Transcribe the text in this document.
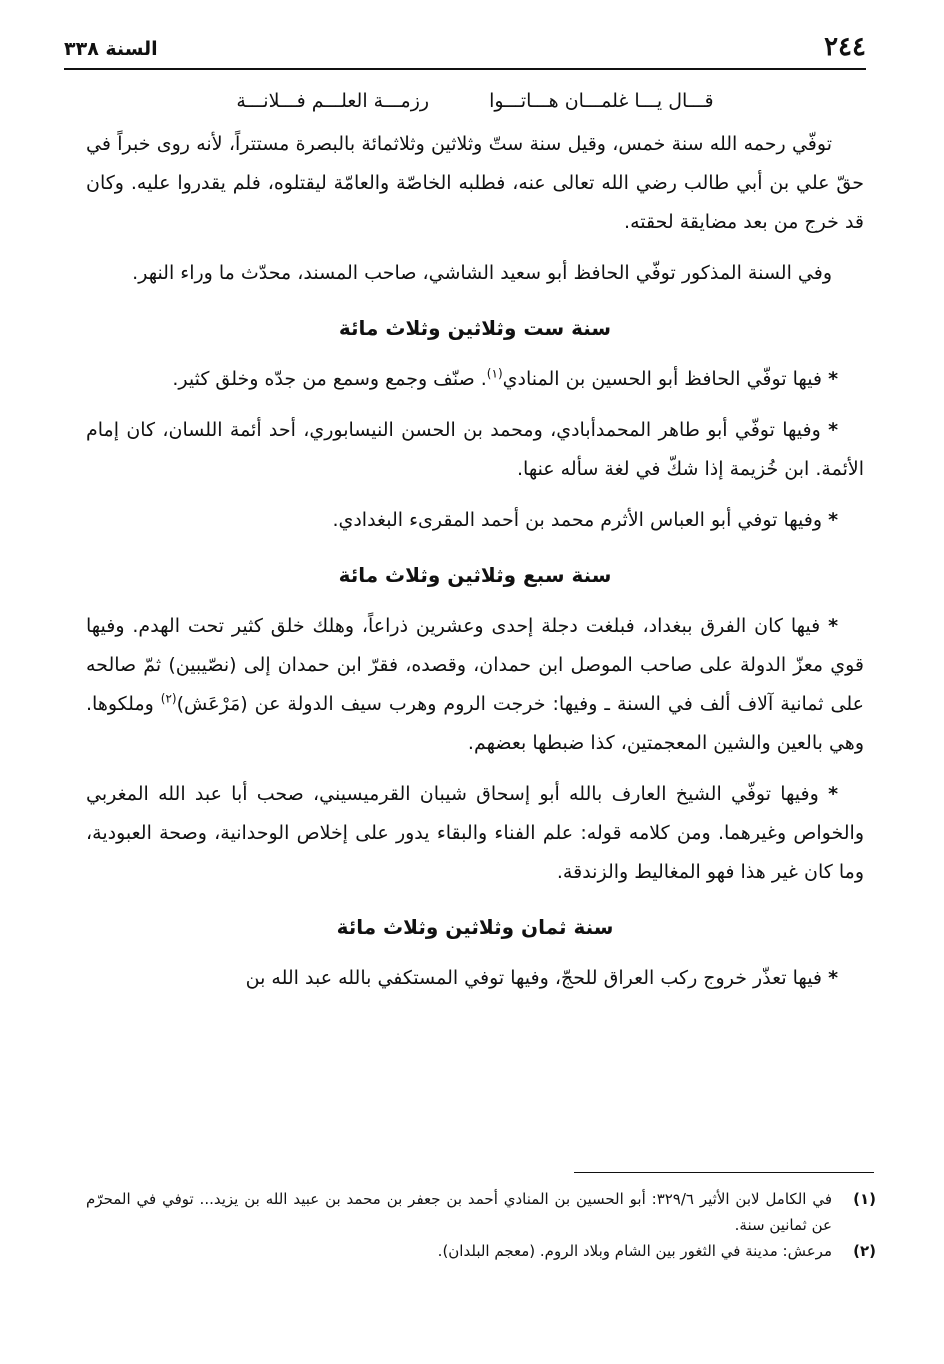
٢٤٤
السنة ٣٣٨
قـــال يـــا غلمـــان هـــاتـــوا
رزمـــة العلـــم فـــلانـــة

توفّي رحمه الله سنة خمس، وقيل سنة ستّ وثلاثين وثلاثمائة بالبصرة مستتراً، لأنه روى خبراً في حقّ علي بن أبي طالب رضي الله تعالى عنه، فطلبه الخاصّة والعامّة ليقتلوه، فلم يقدروا عليه. وكان قد خرج من بعد مضايقة لحقته.

وفي السنة المذكور توفّي الحافظ أبو سعيد الشاشي، صاحب المسند، محدّث ما وراء النهر.

سنة ست وثلاثين وثلاث مائة

* فيها توفّي الحافظ أبو الحسين بن المنادي$^{(١)}$. صنّف وجمع وسمع من جدّه وخلق كثير.

* وفيها توفّي أبو طاهر المحمدأبادي، ومحمد بن الحسن النيسابوري، أحد أئمة اللسان، كان إمام الأئمة. ابن خُزيمة إذا شكّ في لغة سأله عنها.

* وفيها توفي أبو العباس الأثرم محمد بن أحمد المقرىء البغدادي.

سنة سبع وثلاثين وثلاث مائة

* فيها كان الفرق ببغداد، فبلغت دجلة إحدى وعشرين ذراعاً، وهلك خلق كثير تحت الهدم. وفيها قوي معزّ الدولة على صاحب الموصل ابن حمدان، وقصده، فقرّ ابن حمدان إلى (نصّيبين) ثمّ صالحه على ثمانية آلاف ألف في السنة ـ وفيها: خرجت الروم وهرب سيف الدولة عن (مَرْعَش)$^{(٢)}$ وملكوها. وهي بالعين والشين المعجمتين، كذا ضبطها بعضهم.

* وفيها توفّي الشيخ العارف بالله أبو إسحاق شيبان القرميسيني، صحب أبا عبد الله المغربي والخواص وغيرهما. ومن كلامه قوله: علم الفناء والبقاء يدور على إخلاص الوحدانية، وصحة العبودية، وما كان غير هذا فهو المغاليط والزندقة.

سنة ثمان وثلاثين وثلاث مائة

* فيها تعذّر خروج ركب العراق للحجّ، وفيها توفي المستكفي بالله عبد الله بن

(١)
في الكامل لابن الأثير ٣٢٩/٦: أبو الحسين بن المنادي أحمد بن جعفر بن محمد بن عبيد الله بن يزيد... توفي في المحرّم عن ثمانين سنة.
(٢)
مرعش: مدينة في الثغور بين الشام وبلاد الروم. (معجم البلدان).
